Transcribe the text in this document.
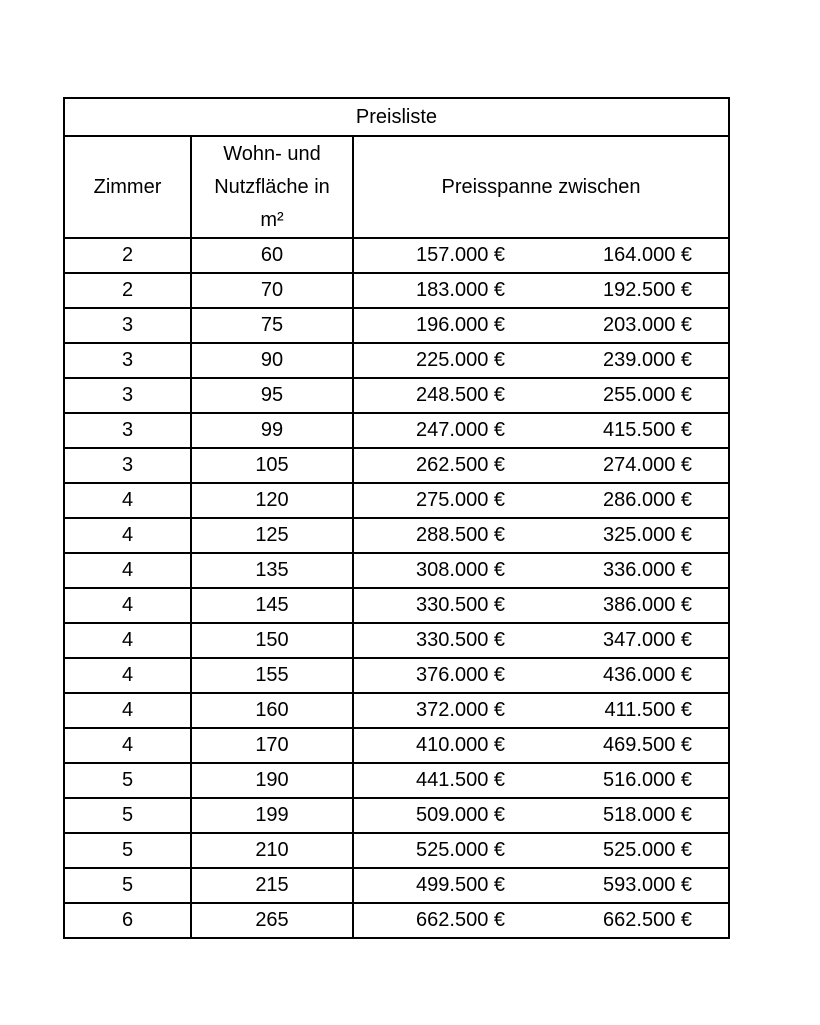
Preisliste		
Zimmer	Wohn- und Nutzfläche in m²	Preisspanne zwischen
2	60	157.000 € 164.000 €

2	70	183.000 € 192.500 €

3	75	196.000 € 203.000 €

3	90	225.000 € 239.000 €

3	95	248.500 € 255.000 €

3	99	247.000 € 415.500 €

3	105	262.500 € 274.000 €

4	120	275.000 € 286.000 €

4	125	288.500 € 325.000 €

4	135	308.000 € 336.000 €

4	145	330.500 € 386.000 €

4	150	330.500 € 347.000 €

4	155	376.000 € 436.000 €

4	160	372.000 € 411.500 €

4	170	410.000 € 469.500 €

5	190	441.500 € 516.000 €

5	199	509.000 € 518.000 €

5	210	525.000 € 525.000 €

5	215	499.500 € 593.000 €

6	265	662.500 € 662.500 €
